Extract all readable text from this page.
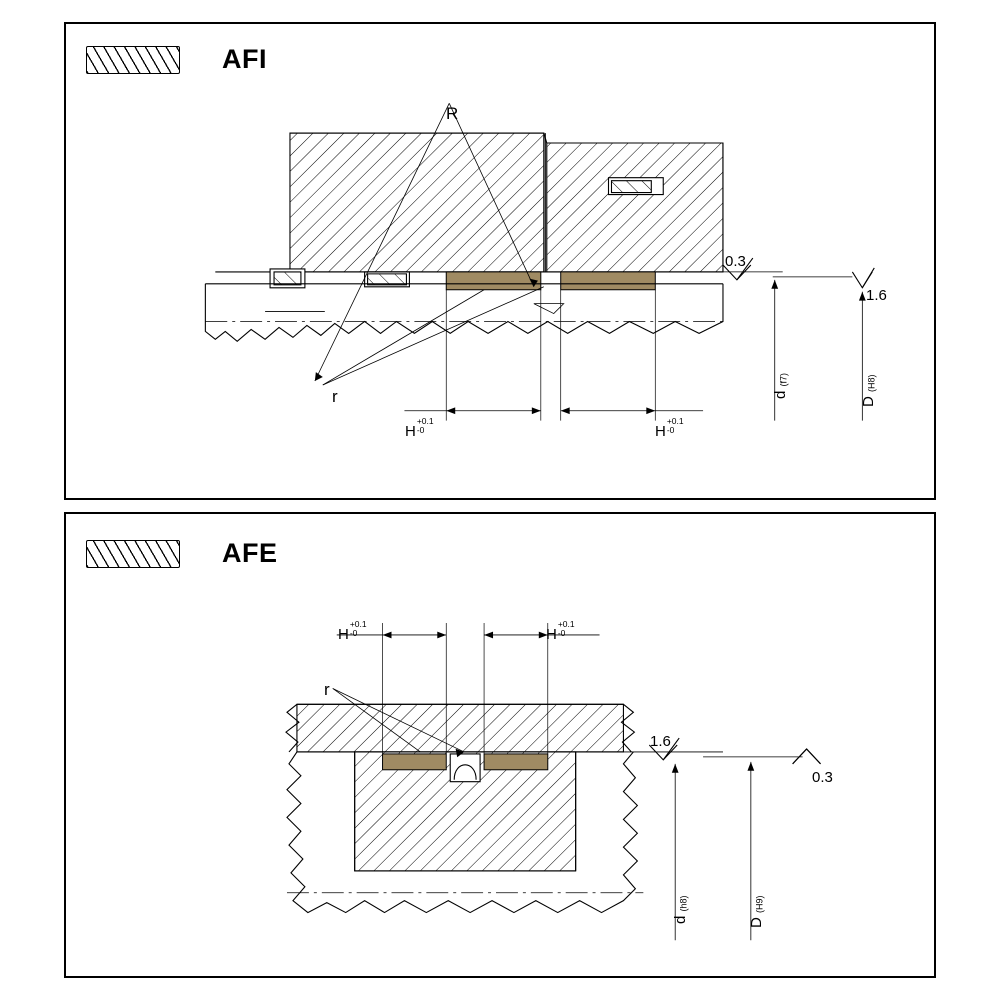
AFI
R
r
0.3
1.6
H
+0.1
-0	H
+0.1
-0
d (f7)
D (H8)
AFE
r
1.6
0.3
H
+0.1
-0	H
+0.1
-0
d (h8)
D (H9)
